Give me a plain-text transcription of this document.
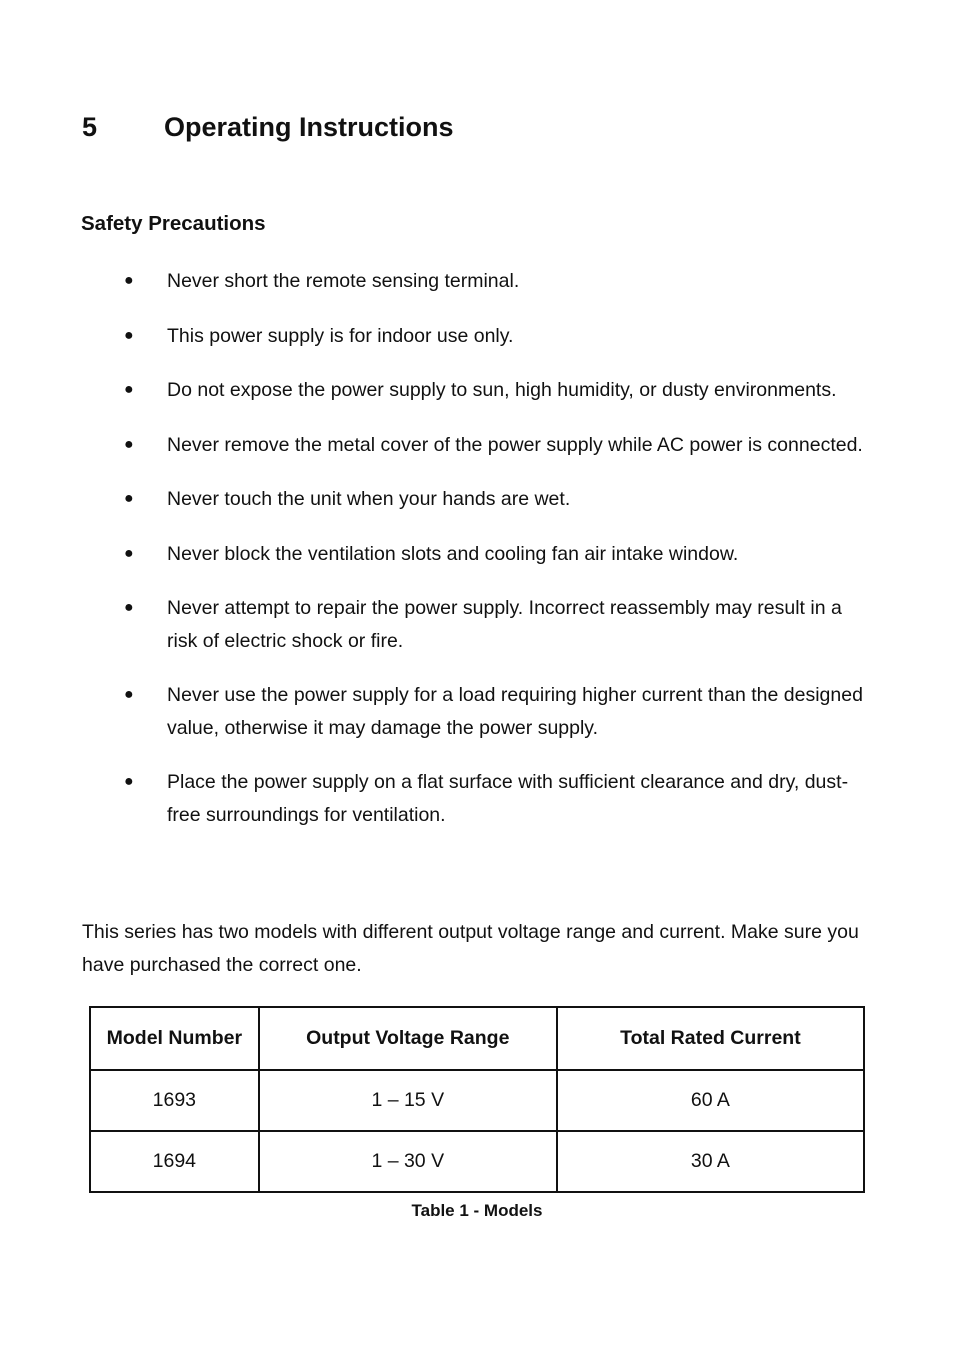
5 Operating Instructions
Safety Precautions
● Never short the remote sensing terminal.
● This power supply is for indoor use only.
● Do not expose the power supply to sun, high humidity, or dusty environments.
● Never remove the metal cover of the power supply while AC power is connected.
● Never touch the unit when your hands are wet.
● Never block the ventilation slots and cooling fan air intake window.
● Never attempt to repair the power supply. Incorrect reassembly may result in a risk of electric shock or fire.
● Never use the power supply for a load requiring higher current than the designed value, otherwise it may damage the power supply.
● Place the power supply on a flat surface with sufficient clearance and dry, dust-free surroundings for ventilation.

This series has two models with different output voltage range and current. Make sure you have purchased the correct one.

Model Number	Output Voltage Range	Total Rated Current
1693	1 – 15 V	60 A
1694	1 – 30 V	30 A
Table 1 - Models
